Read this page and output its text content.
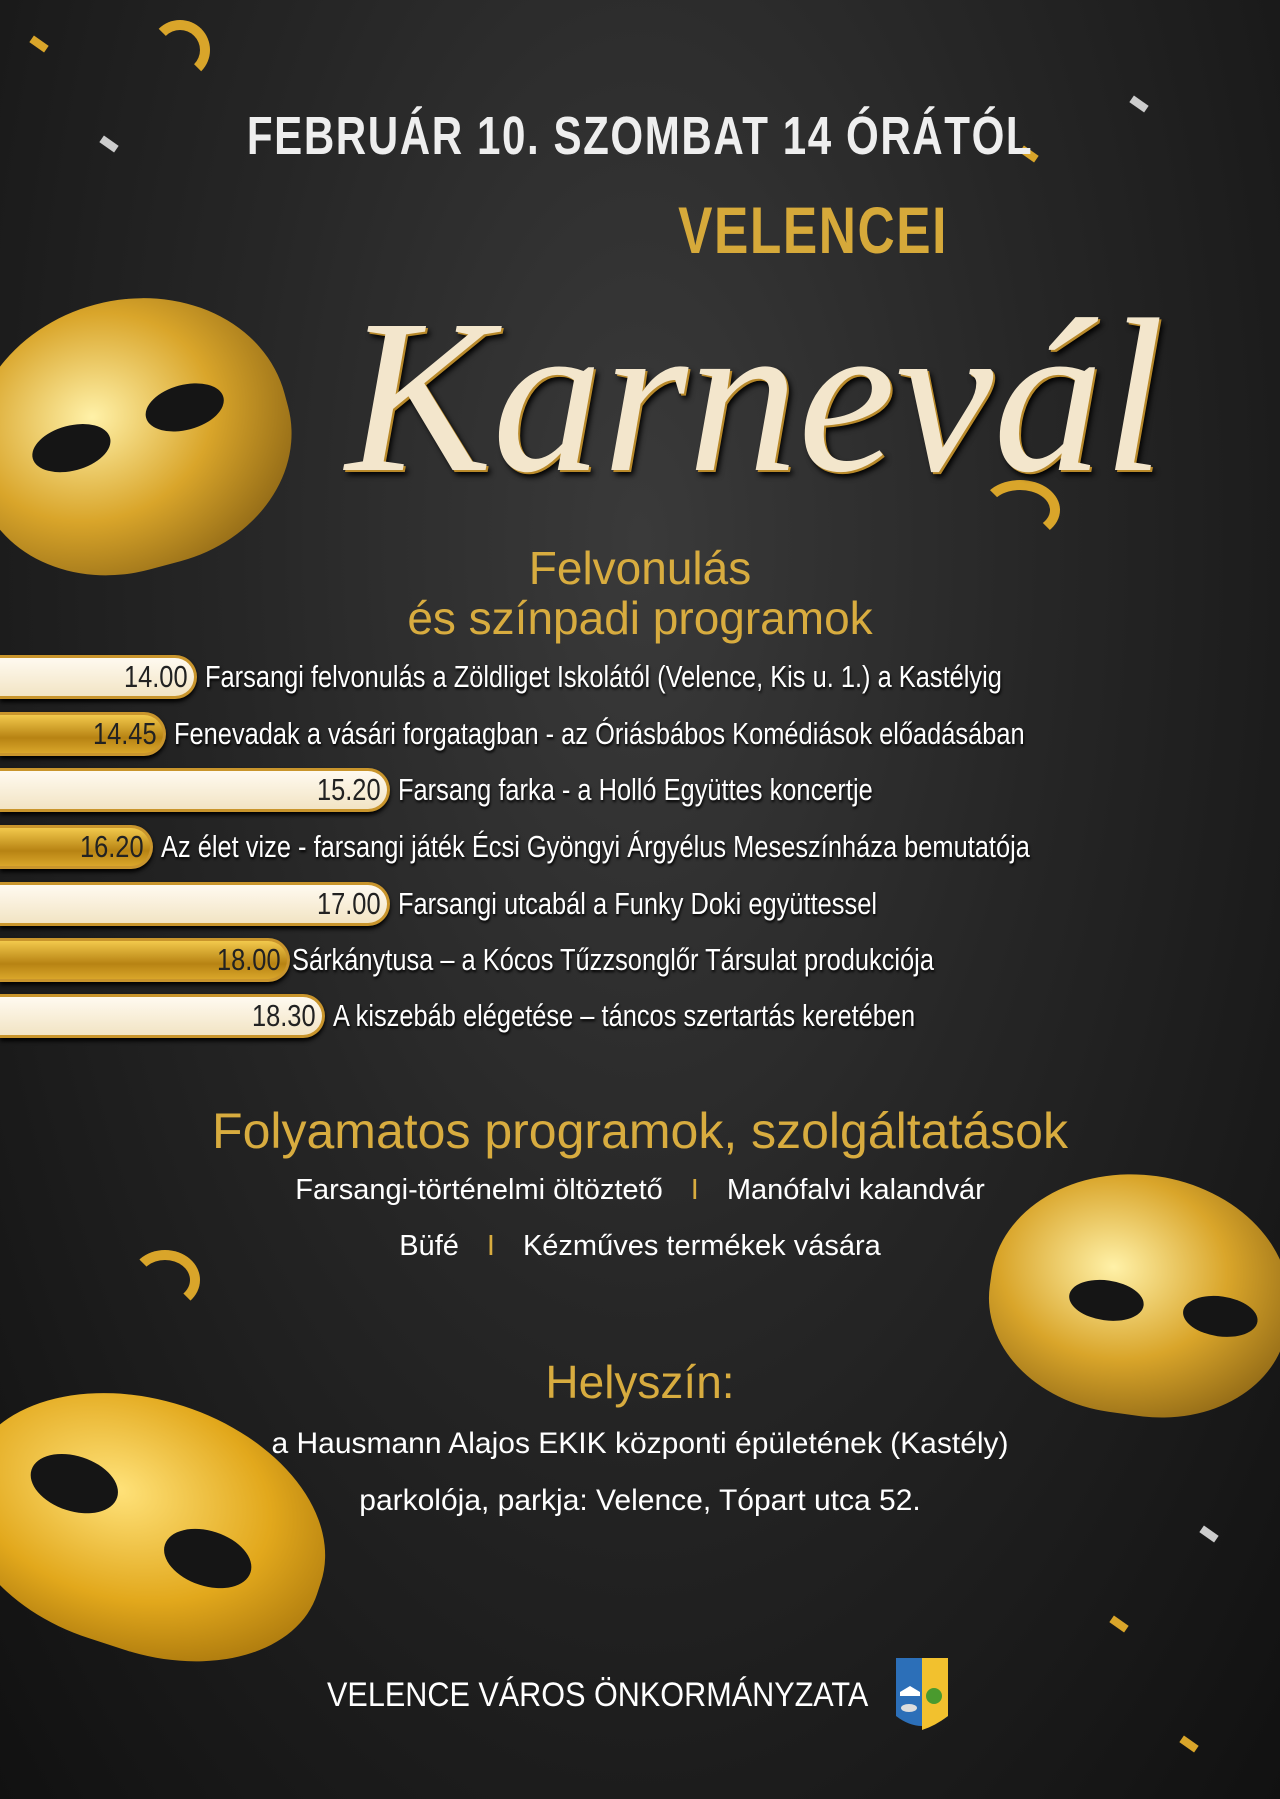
FEBRUÁR 10. SZOMBAT 14 ÓRÁTÓL
VELENCEI
Karnevál
Felvonulás
és színpadi programok
14.00 Farsangi felvonulás a Zöldliget Iskolától (Velence, Kis u. 1.) a Kastélyig
14.45 Fenevadak a vásári forgatagban - az Óriásbábos Komédiások előadásában
15.20 Farsang farka - a Holló Együttes koncertje
16.20 Az élet vize - farsangi játék Écsi Gyöngyi Árgyélus Meseszínháza bemutatója
17.00 Farsangi utcabál a Funky Doki együttessel
18.00 Sárkánytusa – a Kócos Tűzzsonglőr Társulat produkciója
18.30 A kiszebáb elégetése – táncos szertartás keretében
Folyamatos programok, szolgáltatások
Farsangi-történelmi öltöztető I Manófalvi kalandvár
Büfé I Kézműves termékek vására
Helyszín:
a Hausmann Alajos EKIK központi épületének (Kastély)
parkolója, parkja: Velence, Tópart utca 52.
VELENCE VÁROS ÖNKORMÁNYZATA
